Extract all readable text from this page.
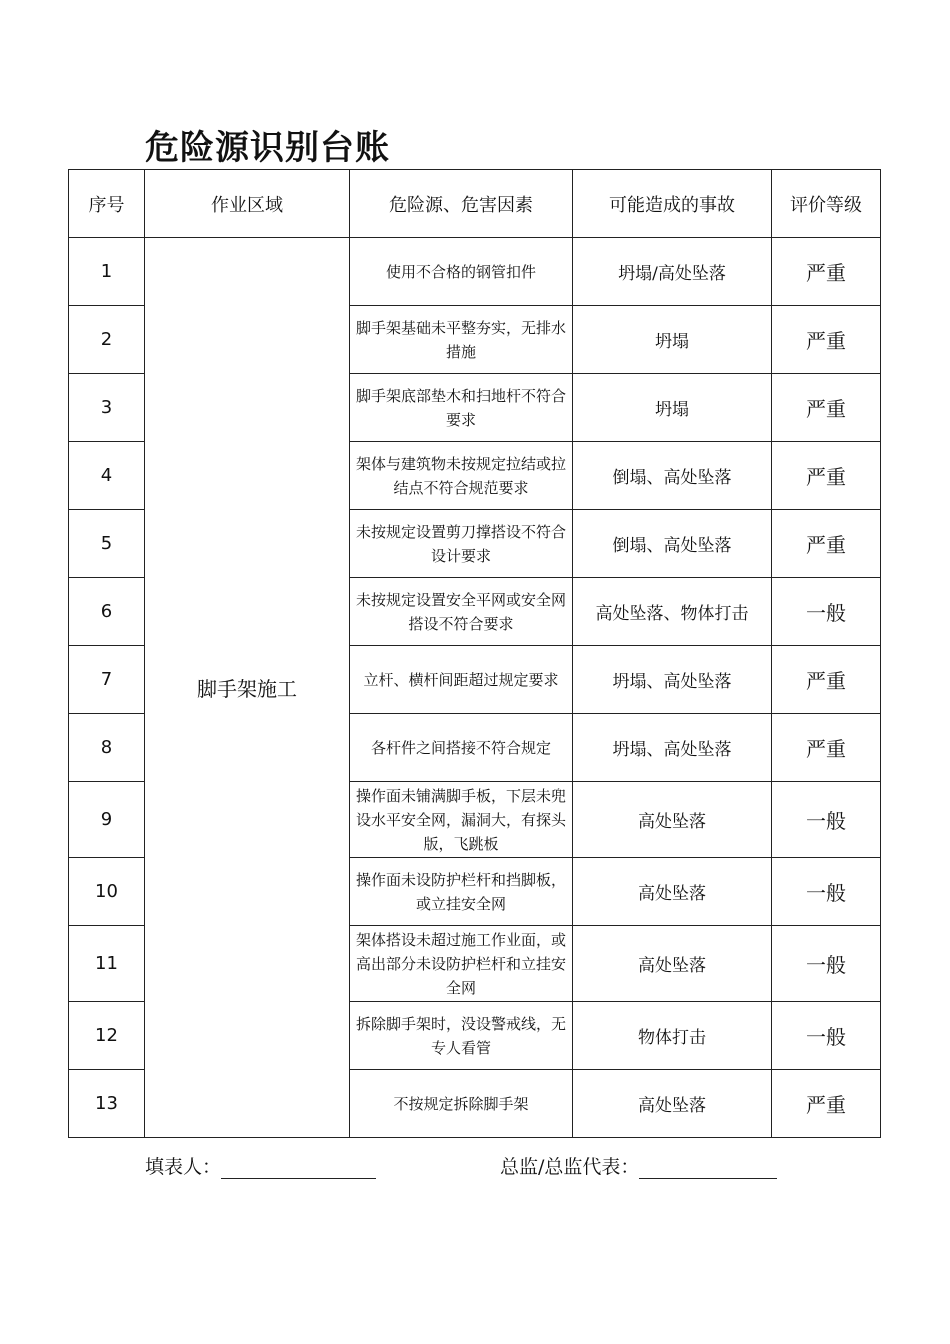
危险源识别台账
序号	作业区域	危险源、危害因素	可能造成的事故	评价等级
1	脚手架施工	使用不合格的钢管扣件	坍塌/高处坠落	严重
2		脚手架基础未平整夯实，无排水措施	坍塌	严重
3		脚手架底部垫木和扫地杆不符合要求	坍塌	严重
4		架体与建筑物未按规定拉结或拉结点不符合规范要求	倒塌、高处坠落	严重
5		未按规定设置剪刀撑搭设不符合设计要求	倒塌、高处坠落	严重
6		未按规定设置安全平网或安全网搭设不符合要求	高处坠落、物体打击	一般
7		立杆、横杆间距超过规定要求	坍塌、高处坠落	严重
8		各杆件之间搭接不符合规定	坍塌、高处坠落	严重
9		操作面未铺满脚手板，下层未兜设水平安全网，漏洞大，有探头版，飞跳板	高处坠落	一般
10		操作面未设防护栏杆和挡脚板，或立挂安全网	高处坠落	一般
11		架体搭设未超过施工作业面，或高出部分未设防护栏杆和立挂安全网	高处坠落	一般
12		拆除脚手架时，没设警戒线，无专人看管	物体打击	一般
13		不按规定拆除脚手架	高处坠落	严重
填表人：	总监/总监代表：
